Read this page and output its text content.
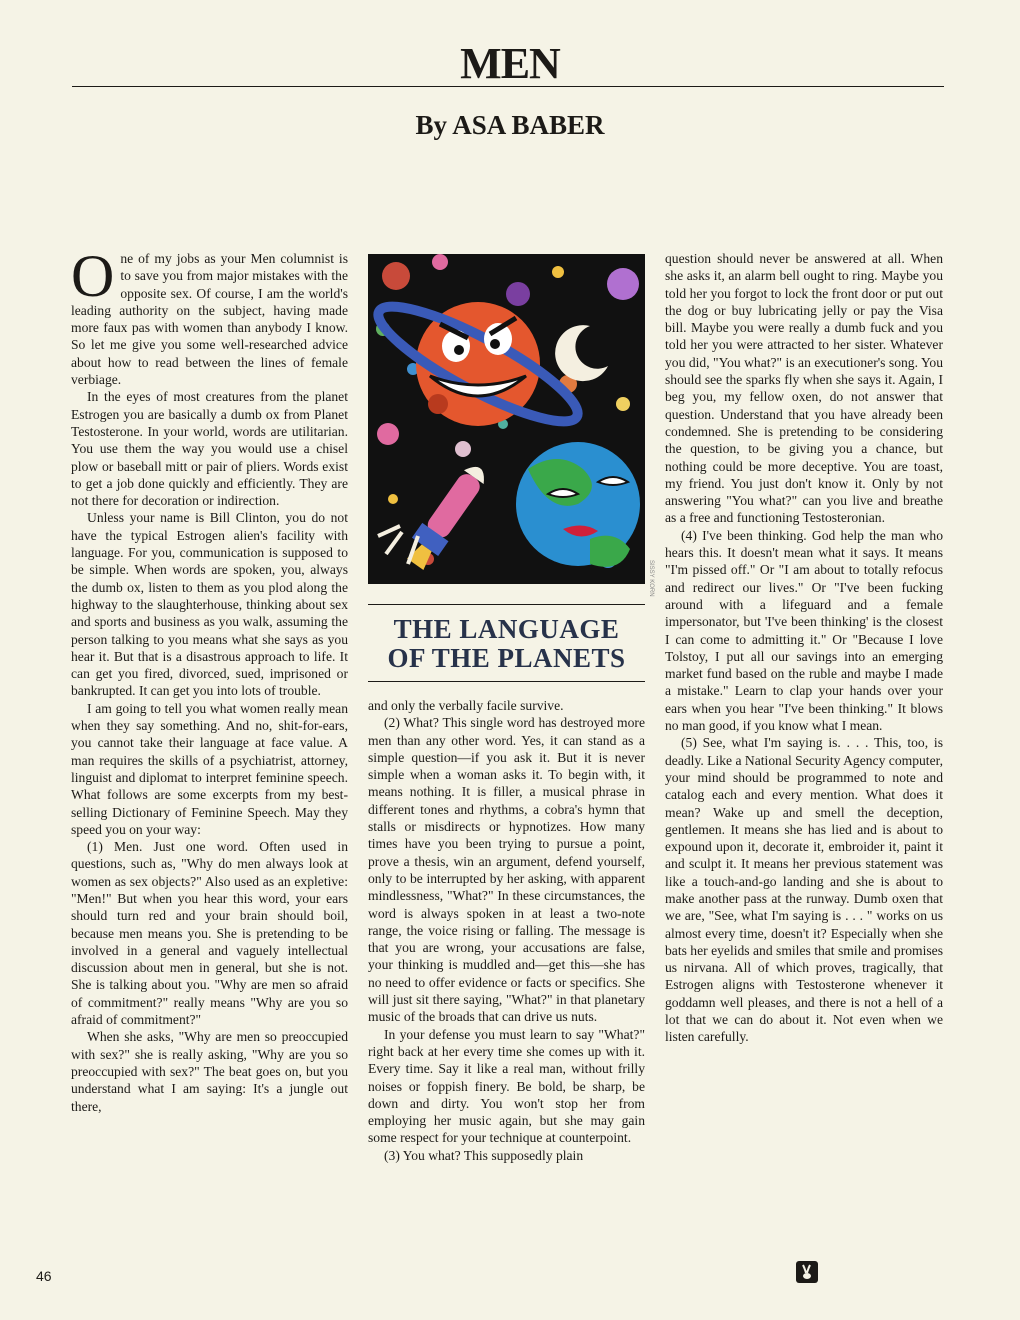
MEN
By ASA BABER

One of my jobs as your Men columnist is to save you from major mistakes with the opposite sex. Of course, I am the world's leading authority on the subject, having made more faux pas with women than anybody I know. So let me give you some well-researched advice about how to read between the lines of female verbiage.

In the eyes of most creatures from the planet Estrogen you are basically a dumb ox from Planet Testosterone. In your world, words are utilitarian. You use them the way you would use a chisel plow or baseball mitt or pair of pliers. Words exist to get a job done quickly and efficiently. They are not there for decoration or indirection.

Unless your name is Bill Clinton, you do not have the typical Estrogen alien's facility with language. For you, communication is supposed to be simple. When words are spoken, you, always the dumb ox, listen to them as you plod along the highway to the slaughterhouse, thinking about sex and sports and business as you walk, assuming the person talking to you means what she says as you hear it. But that is a disastrous approach to life. It can get you fired, divorced, sued, imprisoned or bankrupted. It can get you into lots of trouble.

I am going to tell you what women really mean when they say something. And no, shit-for-ears, you cannot take their language at face value. A man requires the skills of a psychiatrist, attorney, linguist and diplomat to interpret feminine speech. What follows are some excerpts from my best-selling Dictionary of Feminine Speech. May they speed you on your way:

(1) Men. Just one word. Often used in questions, such as, "Why do men always look at women as sex objects?" Also used as an expletive: "Men!" But when you hear this word, your ears should turn red and your brain should boil, because men means you. She is pretending to be involved in a general and vaguely intellectual discussion about men in general, but she is not. She is talking about you. "Why are men so afraid of commitment?" really means "Why are you so afraid of commitment?"

When she asks, "Why are men so preoccupied with sex?" she is really asking, "Why are you so preoccupied with sex?" The beat goes on, but you understand what I am saying: It's a jungle out there,

SISSY KORN
THE LANGUAGE
OF THE PLANETS

and only the verbally facile survive.

(2) What? This single word has destroyed more men than any other word. Yes, it can stand as a simple question—if you ask it. But it is never simple when a woman asks it. To begin with, it means nothing. It is filler, a musical phrase in different tones and rhythms, a cobra's hymn that stalls or misdirects or hypnotizes. How many times have you been trying to pursue a point, prove a thesis, win an argument, defend yourself, only to be interrupted by her asking, with apparent mindlessness, "What?" In these circumstances, the word is always spoken in at least a two-note range, the voice rising or falling. The message is that you are wrong, your accusations are false, your thinking is muddled and—get this—she has no need to offer evidence or facts or specifics. She will just sit there saying, "What?" in that planetary music of the broads that can drive us nuts.

In your defense you must learn to say "What?" right back at her every time she comes up with it. Every time. Say it like a real man, without frilly noises or foppish finery. Be bold, be sharp, be down and dirty. You won't stop her from employing her music again, but she may gain some respect for your technique at counterpoint.

(3) You what? This supposedly plain

question should never be answered at all. When she asks it, an alarm bell ought to ring. Maybe you told her you forgot to lock the front door or put out the dog or buy lubricating jelly or pay the Visa bill. Maybe you were really a dumb fuck and you told her you were attracted to her sister. Whatever you did, "You what?" is an executioner's song. You should see the sparks fly when she says it. Again, I beg you, my fellow oxen, do not answer that question. Understand that you have already been condemned. She is pretending to be considering the question, to be giving you a chance, but nothing could be more deceptive. You are toast, my friend. You just don't know it. Only by not answering "You what?" can you live and breathe as a free and functioning Testosteronian.

(4) I've been thinking. God help the man who hears this. It doesn't mean what it says. It means "I'm pissed off." Or "I am about to totally refocus and redirect our lives." Or "I've been fucking around with a lifeguard and a female impersonator, but 'I've been thinking' is the closest I can come to admitting it." Or "Because I love Tolstoy, I put all our savings into an emerging market fund based on the ruble and maybe I made a mistake." Learn to clap your hands over your ears when you hear "I've been thinking." It blows no man good, if you know what I mean.

(5) See, what I'm saying is. . . . This, too, is deadly. Like a National Security Agency computer, your mind should be programmed to note and catalog each and every mention. What does it mean? Wake up and smell the deception, gentlemen. It means she has lied and is about to expound upon it, decorate it, embroider it, paint it and sculpt it. It means her previous statement was like a touch-and-go landing and she is about to make another pass at the runway. Dumb oxen that we are, "See, what I'm saying is . . . " works on us almost every time, doesn't it? Especially when she bats her eyelids and smiles that smile and promises us nirvana. All of which proves, tragically, that Estrogen aligns with Testosterone whenever it goddamn well pleases, and there is not a hell of a lot that we can do about it. Not even when we listen carefully.

46
